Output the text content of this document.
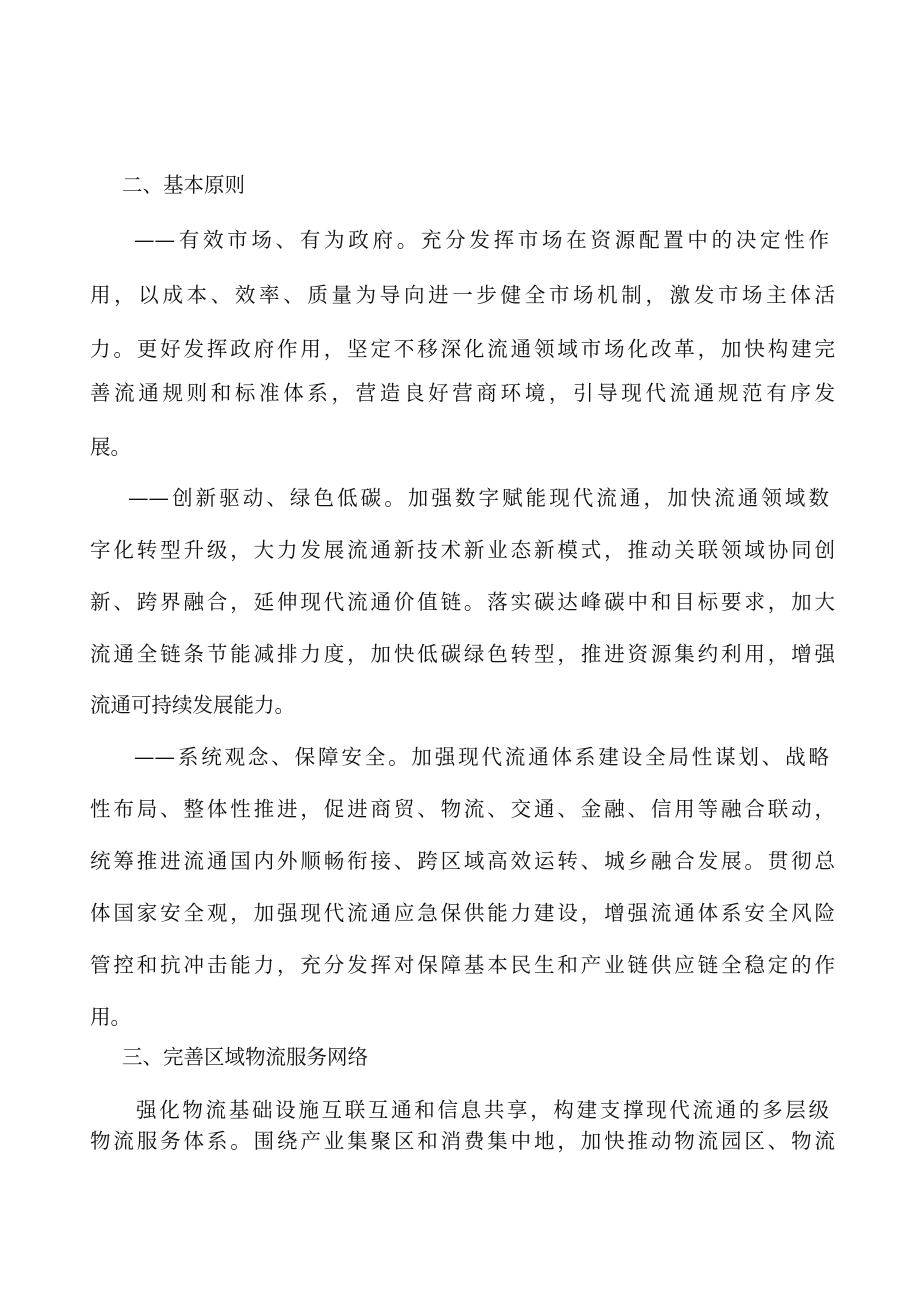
二、基本原则

——有效市场、有为政府。充分发挥市场在资源配置中的决定性作

用，以成本、效率、质量为导向进一步健全市场机制，激发市场主体活

力。更好发挥政府作用，坚定不移深化流通领域市场化改革，加快构建完

善流通规则和标准体系，营造良好营商环境，引导现代流通规范有序发

展。

——创新驱动、绿色低碳。加强数字赋能现代流通，加快流通领域数

字化转型升级，大力发展流通新技术新业态新模式，推动关联领域协同创

新、跨界融合，延伸现代流通价值链。落实碳达峰碳中和目标要求，加大

流通全链条节能减排力度，加快低碳绿色转型，推进资源集约利用，增强

流通可持续发展能力。

——系统观念、保障安全。加强现代流通体系建设全局性谋划、战略

性布局、整体性推进，促进商贸、物流、交通、金融、信用等融合联动，

统筹推进流通国内外顺畅衔接、跨区域高效运转、城乡融合发展。贯彻总

体国家安全观，加强现代流通应急保供能力建设，增强流通体系安全风险

管控和抗冲击能力，充分发挥对保障基本民生和产业链供应链全稳定的作

用。

三、完善区域物流服务网络

强化物流基础设施互联互通和信息共享，构建支撑现代流通的多层级

物流服务体系。围绕产业集聚区和消费集中地，加快推动物流园区、物流
